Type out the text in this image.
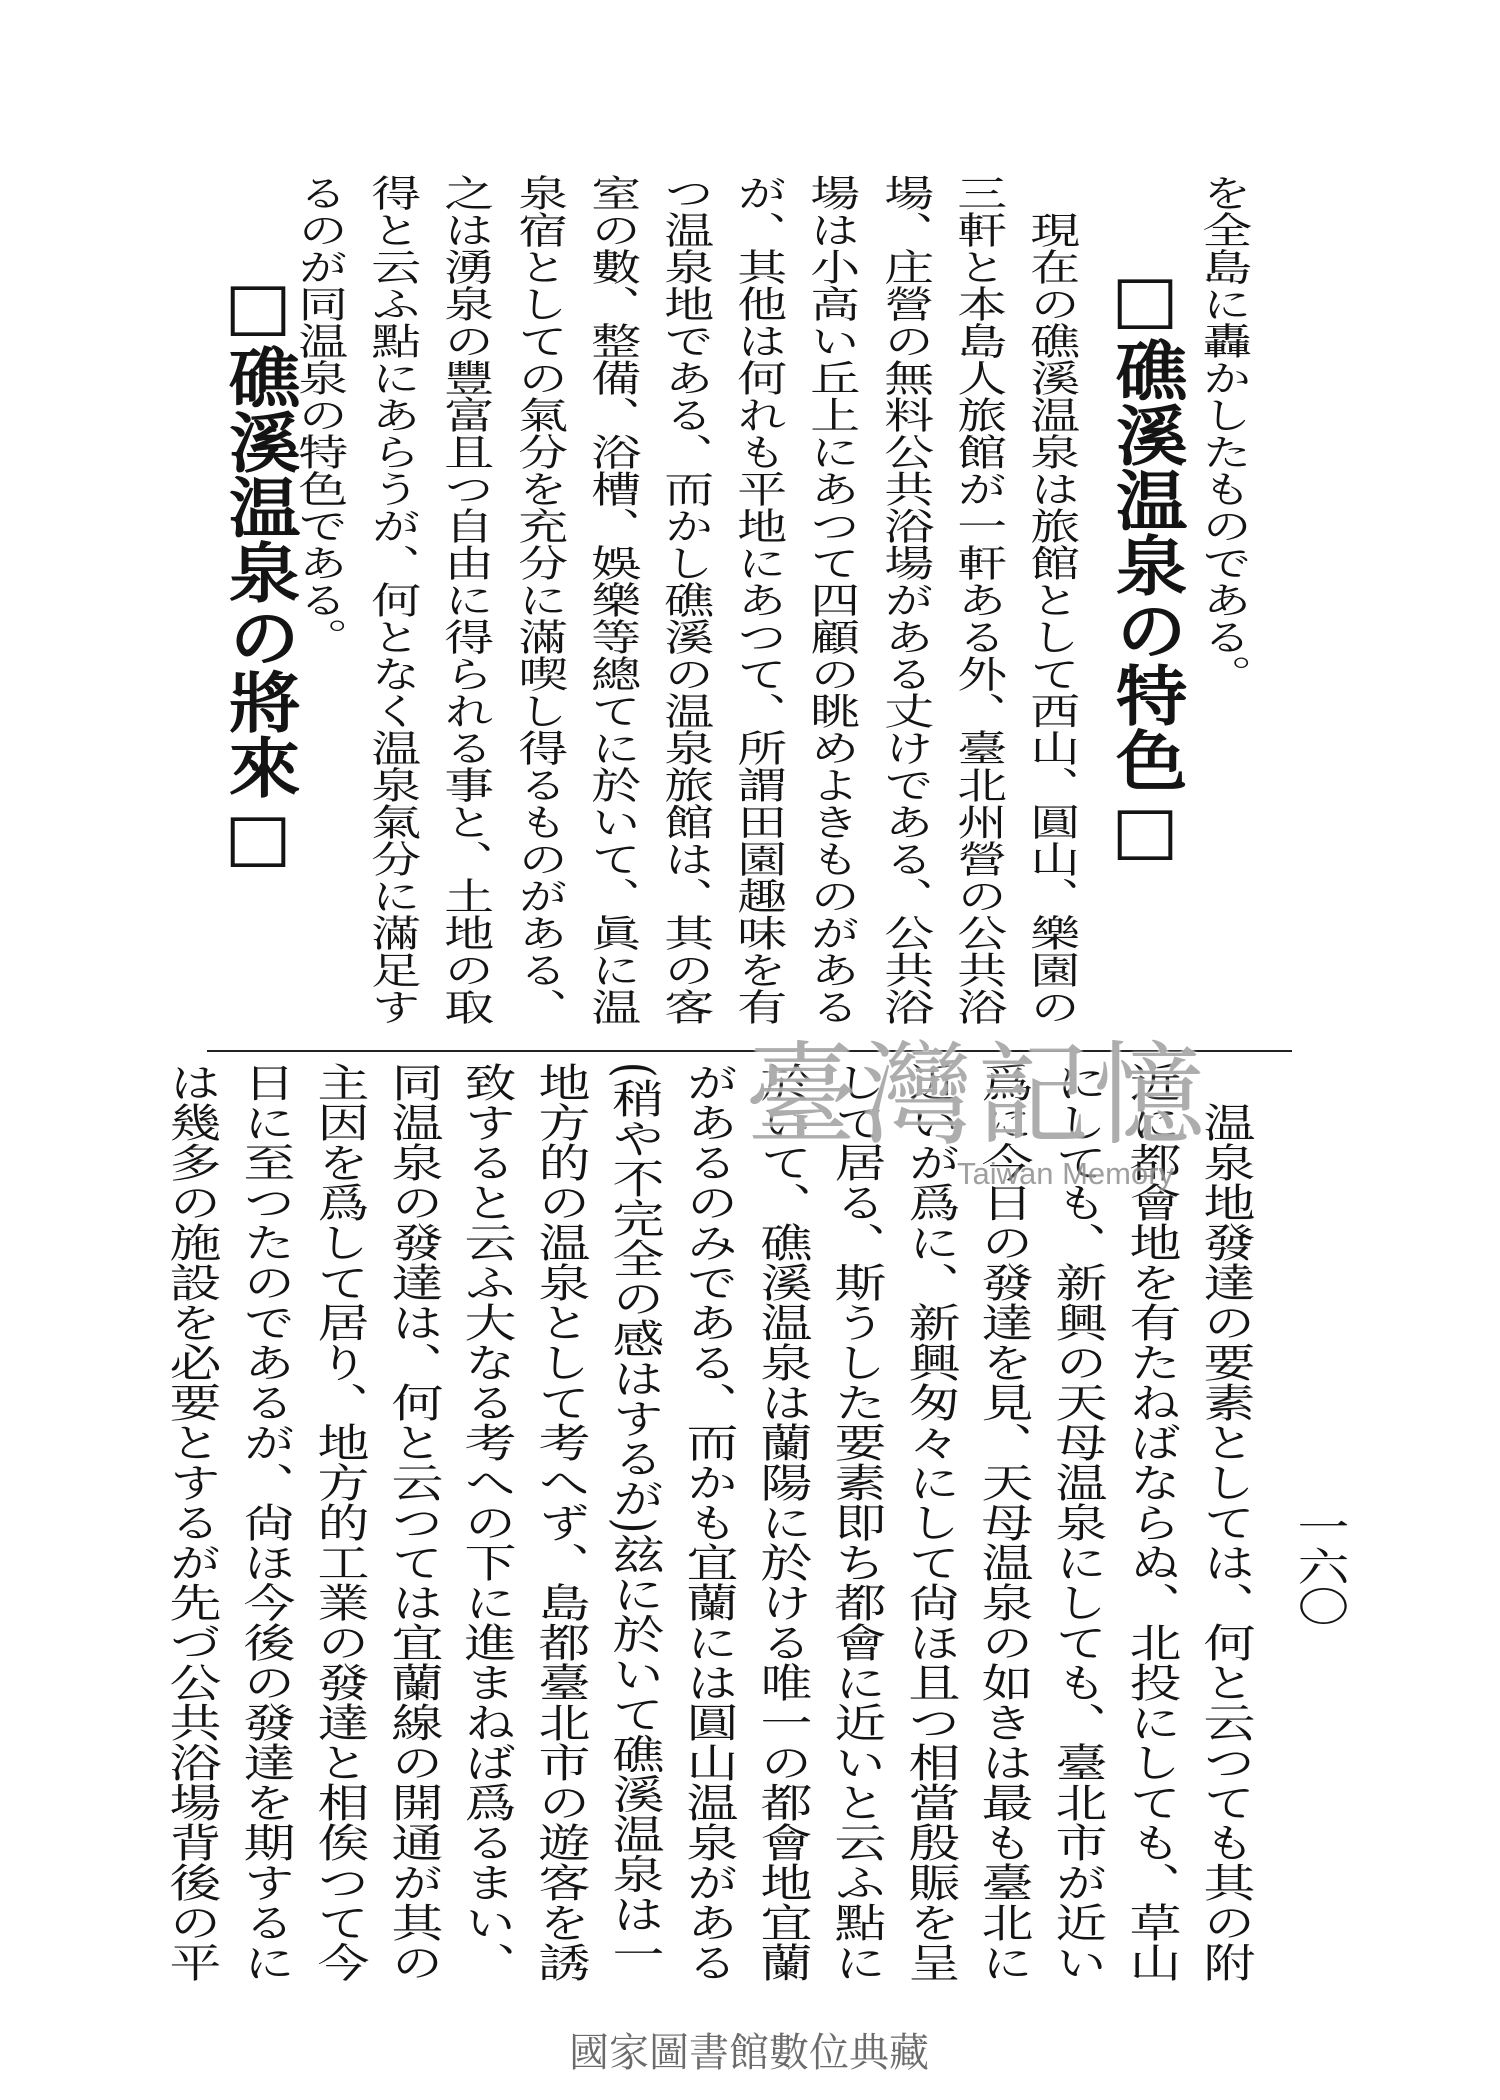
を全島に轟かしたものである。
□礁溪温泉の特色□
現在の礁溪温泉は旅館として西山、圓山、樂園の
三軒と本島人旅館が一軒ある外、臺北州營の公共浴
場、庄營の無料公共浴場がある丈けである、公共浴
場は小高い丘上にあつて四顧の眺めよきものがある
が、其他は何れも平地にあつて、所謂田園趣味を有
つ温泉地である、而かし礁溪の温泉旅館は、其の客
室の數、整備、浴槽、娛樂等總てに於いて、眞に温
泉宿としての氣分を充分に滿喫し得るものがある、
之は湧泉の豐富且つ自由に得られる事と、土地の取
得と云ふ點にあらうが、何となく温泉氣分に滿足す
るのが同温泉の特色である。
□礁溪温泉の將來□
一六〇
温泉地發達の要素としては、何と云つても其の附
近に都會地を有たねばならぬ、北投にしても、草山
にしても、新興の天母温泉にしても、臺北市が近い
爲に今日の發達を見、天母温泉の如きは最も臺北に
近いが爲に、新興匆々にして尙ほ且つ相當殷賑を呈
して居る、斯うした要素即ち都會に近いと云ふ點に
於いて、礁溪温泉は蘭陽に於ける唯一の都會地宜蘭
があるのみである、而かも宜蘭には圓山温泉がある
(稍や不完全の感はするが)玆に於いて礁溪温泉は一
地方的の温泉として考へず、島都臺北市の遊客を誘
致すると云ふ大なる考への下に進まねば爲るまい、
同温泉の發達は、何と云つては宜蘭線の開通が其の
主因を爲して居り、地方的工業の發達と相俟つて今
日に至つたのであるが、尙ほ今後の發達を期するに
は幾多の施設を必要とするが先づ公共浴場背後の平	臺灣記憶
Taiwan Memory
國家圖書館數位典藏
